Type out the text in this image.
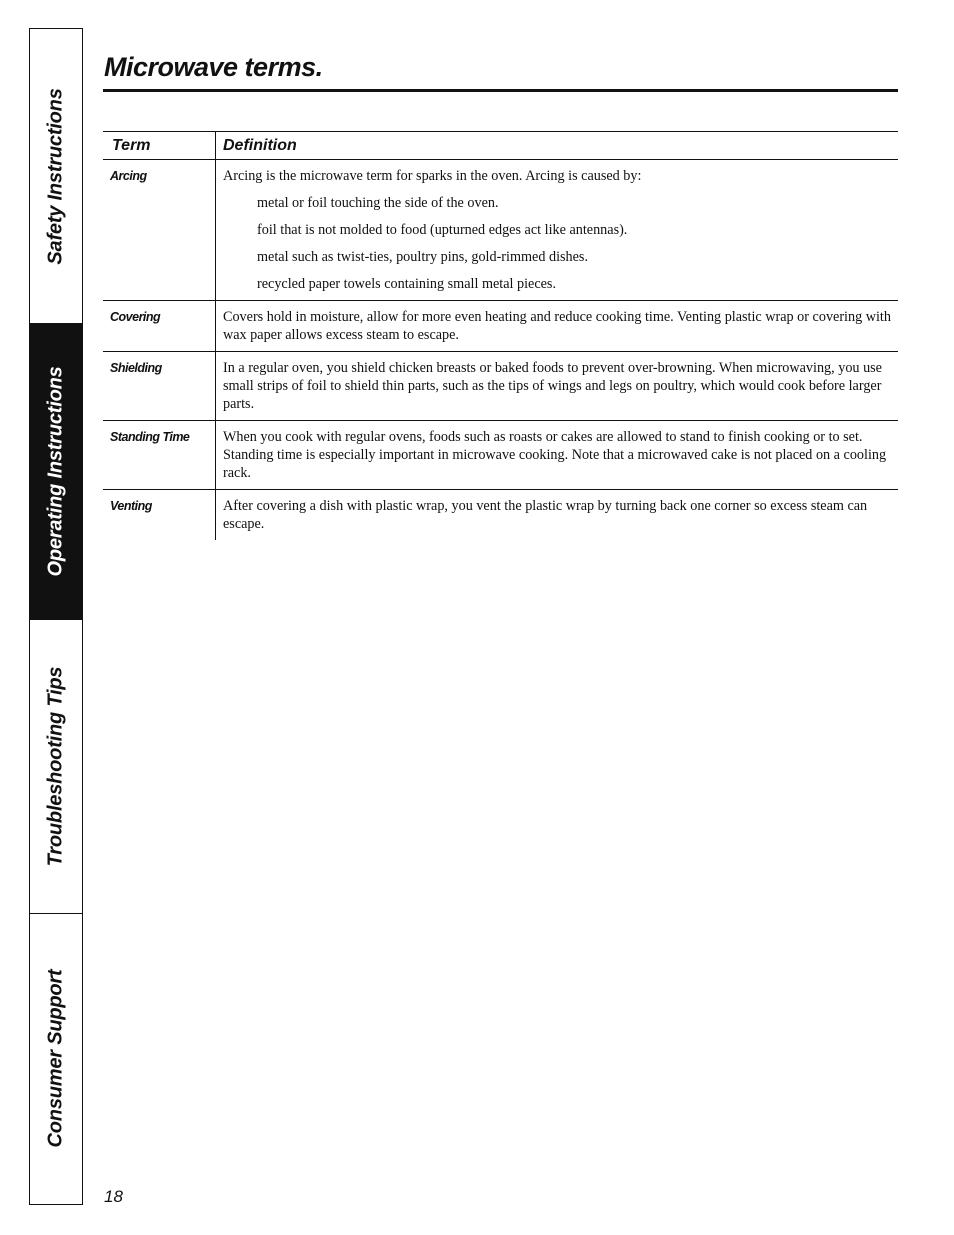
Safety Instructions
Operating Instructions
Troubleshooting Tips
Consumer Support
Microwave terms.
Term	Definition
Arcing	Arcing is the microwave term for sparks in the oven. Arcing is caused by:
metal or foil touching the side of the oven.
foil that is not molded to food (upturned edges act like antennas).
metal such as twist-ties, poultry pins, gold-rimmed dishes.
recycled paper towels containing small metal pieces.

Covering	Covers hold in moisture, allow for more even heating and reduce cooking time. Venting plastic wrap or covering with wax paper allows excess steam to escape.
Shielding	In a regular oven, you shield chicken breasts or baked foods to prevent over-browning. When microwaving, you use small strips of foil to shield thin parts, such as the tips of wings and legs on poultry, which would cook before larger parts.
Standing Time	When you cook with regular ovens, foods such as roasts or cakes are allowed to stand to finish cooking or to set. Standing time is especially important in microwave cooking. Note that a microwaved cake is not placed on a cooling rack.
Venting	After covering a dish with plastic wrap, you vent the plastic wrap by turning back one corner so excess steam can escape.
18
